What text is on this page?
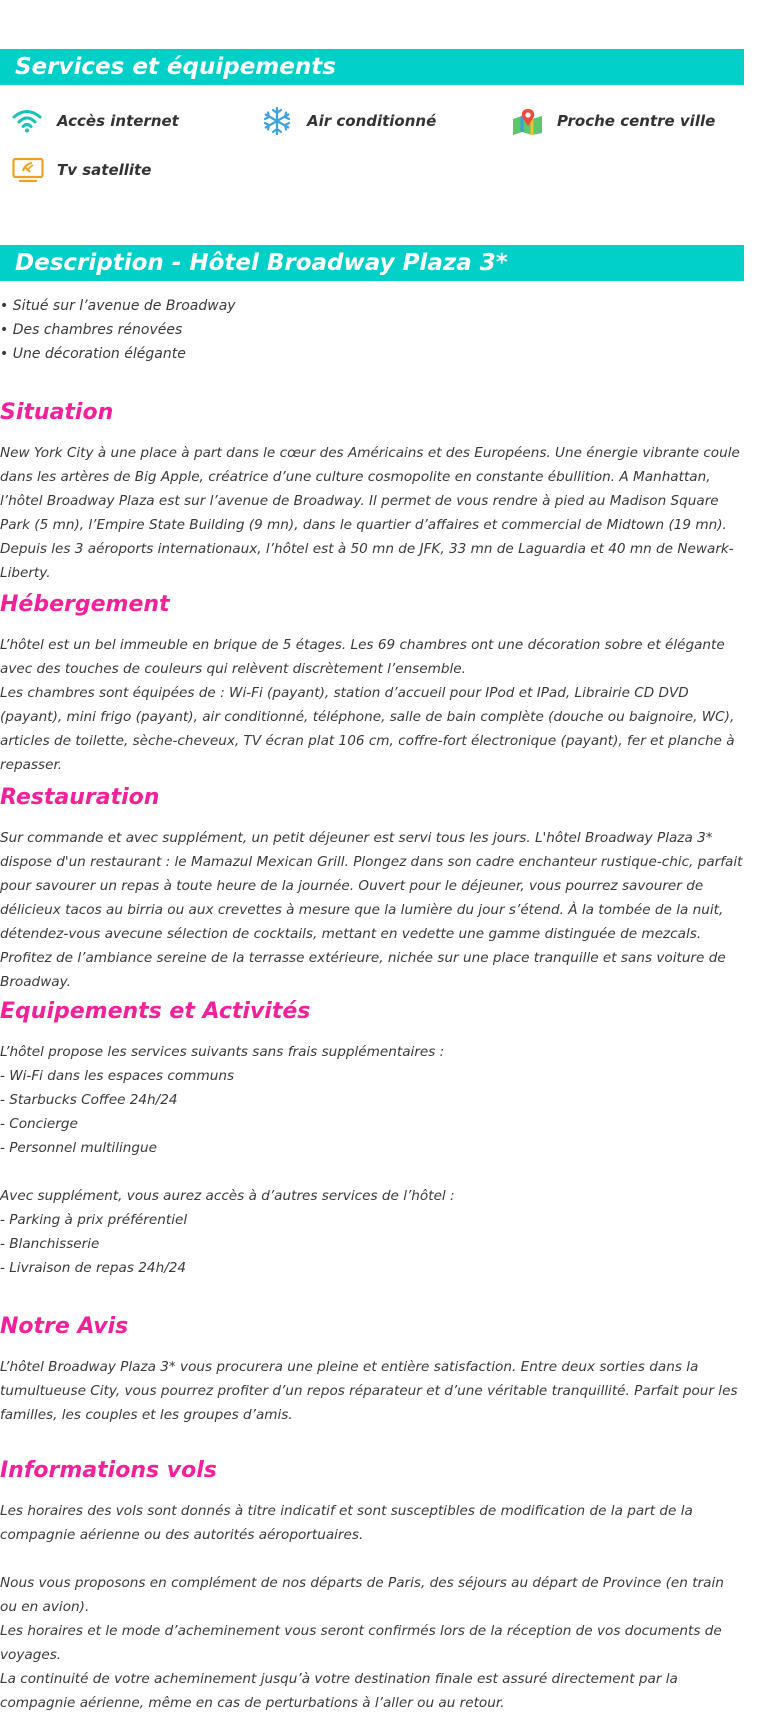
Services et équipements
Accès internet	Air conditionné	Proche centre ville
Tv satellite
Description - Hôtel Broadway Plaza 3*
• Situé sur l’avenue de Broadway
• Des chambres rénovées
• Une décoration élégante
Situation

New York City à une place à part dans le cœur des Américains et des Européens. Une énergie vibrante coule dans les artères de Big Apple, créatrice d’une culture cosmopolite en constante ébullition. A Manhattan, l’hôtel Broadway Plaza est sur l’avenue de Broadway. Il permet de vous rendre à pied au Madison Square Park (5 mn), l’Empire State Building (9 mn), dans le quartier d’affaires et commercial de Midtown (19 mn). Depuis les 3 aéroports internationaux, l’hôtel est à 50 mn de JFK, 33 mn de Laguardia et 40 mn de Newark-Liberty.

Hébergement

L’hôtel est un bel immeuble en brique de 5 étages. Les 69 chambres ont une décoration sobre et élégante avec des touches de couleurs qui relèvent discrètement l’ensemble.

Les chambres sont équipées de : Wi-Fi (payant), station d’accueil pour IPod et IPad, Librairie CD DVD (payant), mini frigo (payant), air conditionné, téléphone, salle de bain complète (douche ou baignoire, WC), articles de toilette, sèche-cheveux, TV écran plat 106 cm, coffre-fort électronique (payant), fer et planche à repasser.

Restauration

Sur commande et avec supplément, un petit déjeuner est servi tous les jours. L'hôtel Broadway Plaza 3* dispose d'un restaurant : le Mamazul Mexican Grill. Plongez dans son cadre enchanteur rustique-chic, parfait pour savourer un repas à toute heure de la journée. Ouvert pour le déjeuner, vous pourrez savourer de délicieux tacos au birria ou aux crevettes à mesure que la lumière du jour s’étend. À la tombée de la nuit, détendez-vous avecune sélection de cocktails, mettant en vedette une gamme distinguée de mezcals. Profitez de l’ambiance sereine de la terrasse extérieure, nichée sur une place tranquille et sans voiture de Broadway.

Equipements et Activités

L’hôtel propose les services suivants sans frais supplémentaires :

- Wi-Fi dans les espaces communs

- Starbucks Coffee 24h/24

- Concierge

- Personnel multilingue

Avec supplément, vous aurez accès à d’autres services de l’hôtel :

- Parking à prix préférentiel

- Blanchisserie

- Livraison de repas 24h/24

Notre Avis

L’hôtel Broadway Plaza 3* vous procurera une pleine et entière satisfaction. Entre deux sorties dans la tumultueuse City, vous pourrez profiter d’un repos réparateur et d’une véritable tranquillité. Parfait pour les familles, les couples et les groupes d’amis.

Informations vols

Les horaires des vols sont donnés à titre indicatif et sont susceptibles de modification de la part de la compagnie aérienne ou des autorités aéroportuaires.

Nous vous proposons en complément de nos départs de Paris, des séjours au départ de Province (en train ou en avion).

Les horaires et le mode d’acheminement vous seront confirmés lors de la réception de vos documents de voyages.

La continuité de votre acheminement jusqu’à votre destination finale est assuré directement par la compagnie aérienne, même en cas de perturbations à l’aller ou au retour.
